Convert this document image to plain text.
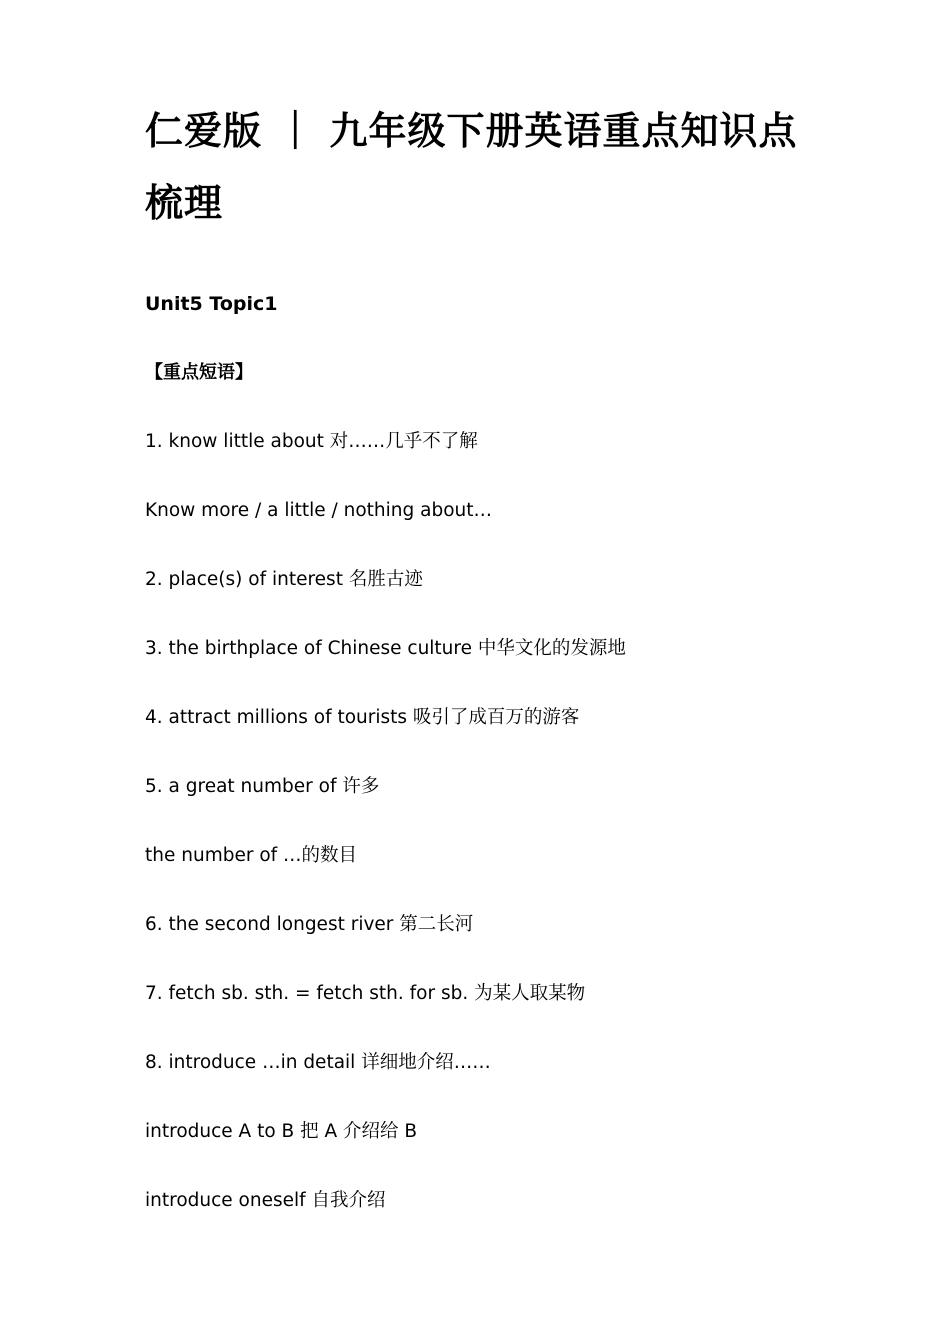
仁爱版 ｜ 九年级下册英语重点知识点梳理
Unit5 Topic1
【重点短语】
1. know little about 对……几乎不了解
Know more / a little / nothing about…
2. place(s) of interest 名胜古迹
3. the birthplace of Chinese culture 中华文化的发源地
4. attract millions of tourists 吸引了成百万的游客
5. a great number of 许多
the number of …的数目
6. the second longest river 第二长河
7. fetch sb. sth. = fetch sth. for sb. 为某人取某物
8. introduce …in detail 详细地介绍……
introduce A to B 把 A 介绍给 B
introduce oneself 自我介绍
